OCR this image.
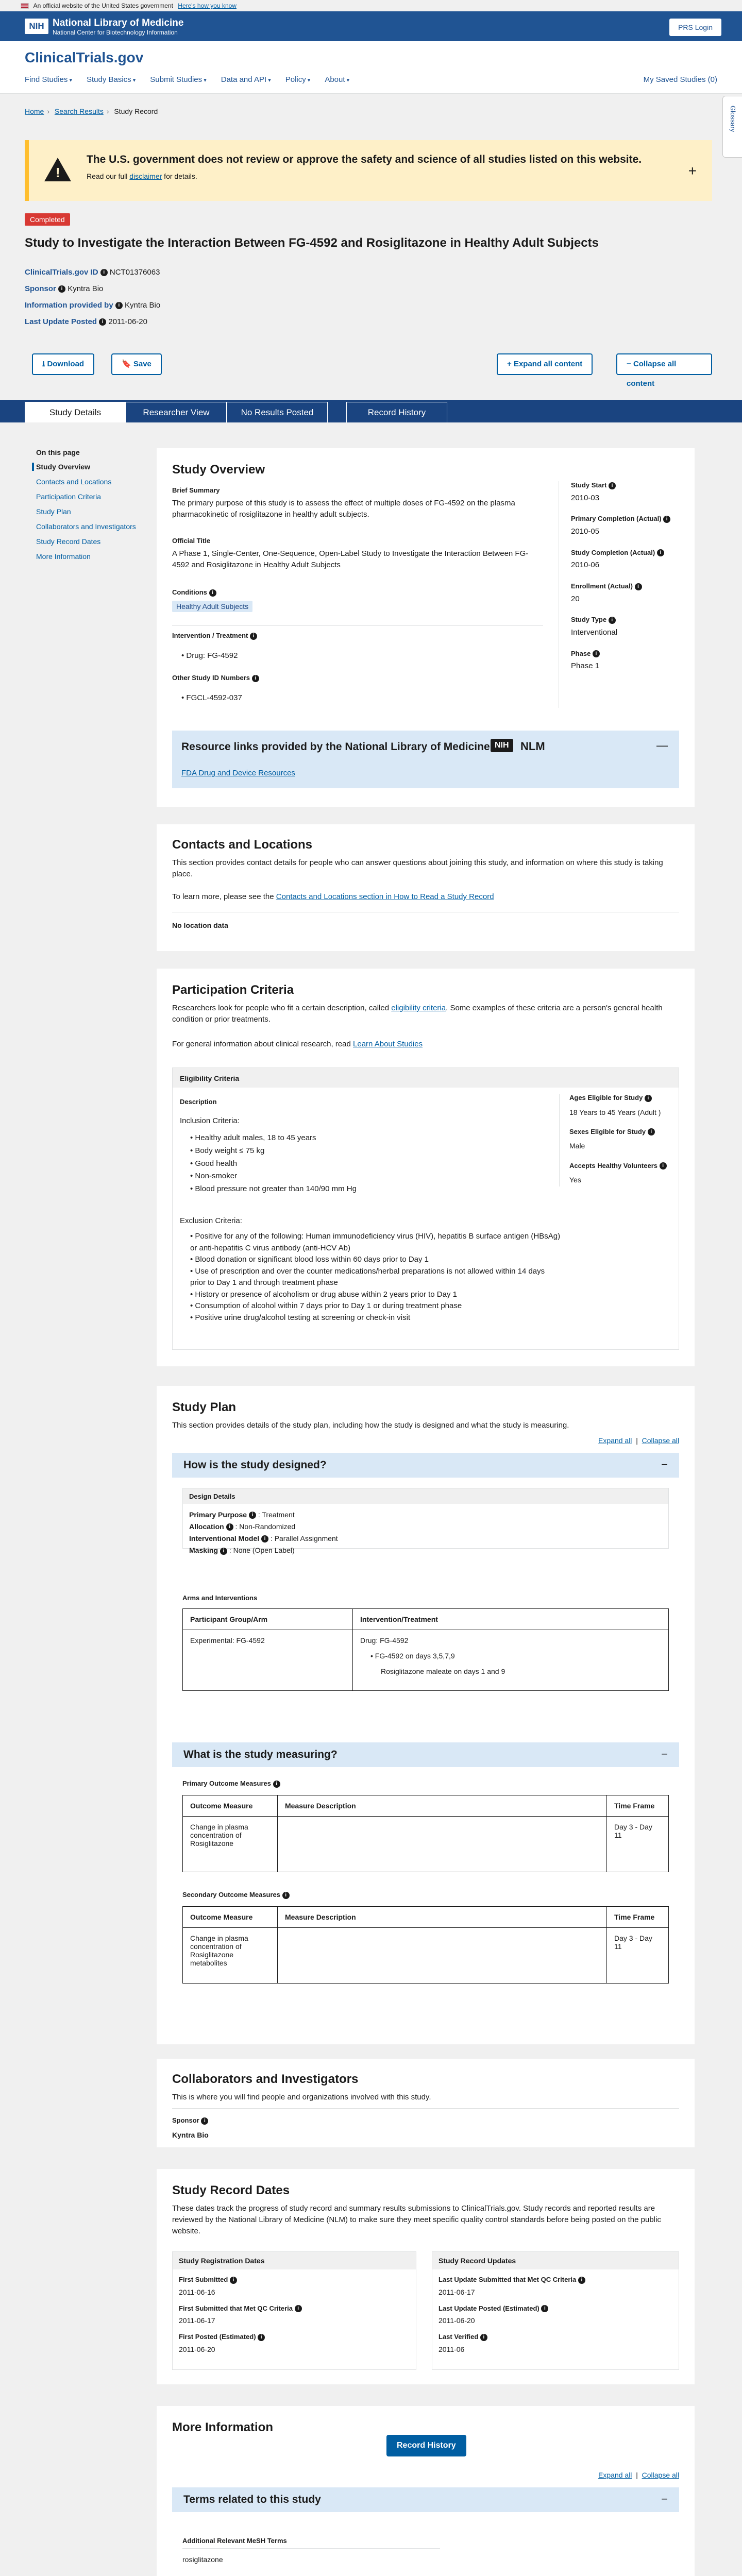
An official website of the United States government Here's how you know
NIH National Library of Medicine
National Center for Biotechnology Information
PRS Login
ClinicalTrials.gov
Find Studies ▾	Study Basics ▾	Submit Studies ▾	Data and API ▾	Policy ▾	About ▾	My Saved Studies (0)
Glossary
Home › Search Results › Study Record
!
The U.S. government does not review or approve the safety and science of all studies listed on this website.
Read our full disclaimer for details.	+
Completed
Study to Investigate the Interaction Between FG-4592 and Rosiglitazone in Healthy Adult Subjects
ClinicalTrials.gov ID i NCT01376063
Sponsor i Kyntra Bio
Information provided by i Kyntra Bio
Last Update Posted i 2011-06-20
⭳ Download	🔖 Save	+ Expand all content	− Collapse all content
Study Details	Researcher View	No Results Posted	Record History
On this page
Study Overview
Contacts and Locations
Participation Criteria
Study Plan
Collaborators and Investigators
Study Record Dates
More Information
Study Overview
Brief Summary
The primary purpose of this study is to assess the effect of multiple doses of FG-4592 on the plasma pharmacokinetic of rosiglitazone in healthy adult subjects.
Official Title
A Phase 1, Single-Center, One-Sequence, Open-Label Study to Investigate the Interaction Between FG-4592 and Rosiglitazone in Healthy Adult Subjects
Conditions i
Healthy Adult Subjects
Intervention / Treatment i
• Drug: FG-4592
Other Study ID Numbers i
• FGCL-4592-037
Study Start i
2010-03
Primary Completion (Actual) i
2010-05
Study Completion (Actual) i
2010-06
Enrollment (Actual) i
20
Study Type i
Interventional
Phase i
Phase 1
Resource links provided by the National Library of Medicine NIH	NLM	—
FDA Drug and Device Resources
Contacts and Locations
This section provides contact details for people who can answer questions about joining this study, and information on where this study is taking place.
To learn more, please see the Contacts and Locations section in How to Read a Study Record
No location data
Participation Criteria
Researchers look for people who fit a certain description, called eligibility criteria. Some examples of these criteria are a person's general health condition or prior treatments.
For general information about clinical research, read Learn About Studies
Eligibility Criteria
Description
Inclusion Criteria:
• Healthy adult males, 18 to 45 years
• Body weight ≤ 75 kg
• Good health
• Non-smoker
• Blood pressure not greater than 140/90 mm Hg
Exclusion Criteria:
• Positive for any of the following: Human immunodeficiency virus (HIV), hepatitis B surface antigen (HBsAg) or anti-hepatitis C virus antibody (anti-HCV Ab)
• Blood donation or significant blood loss within 60 days prior to Day 1
• Use of prescription and over the counter medications/herbal preparations is not allowed within 14 days prior to Day 1 and through treatment phase
• History or presence of alcoholism or drug abuse within 2 years prior to Day 1
• Consumption of alcohol within 7 days prior to Day 1 or during treatment phase
• Positive urine drug/alcohol testing at screening or check-in visit
Ages Eligible for Study i
18 Years to 45 Years (Adult )
Sexes Eligible for Study i
Male
Accepts Healthy Volunteers i
Yes
Study Plan
This section provides details of the study plan, including how the study is designed and what the study is measuring.
Expand all  |  Collapse all
How is the study designed?	−
Design Details
Primary Purpose i : Treatment
Allocation i : Non-Randomized
Interventional Model i : Parallel Assignment
Masking i : None (Open Label)
Arms and Interventions
Participant Group/Arm	Intervention/Treatment
Experimental: FG-4592	Drug: FG-4592
• FG-4592 on days 3,5,7,9
Rosiglitazone maleate on days 1 and 9
What is the study measuring?	−
Primary Outcome Measures i
Outcome Measure	Measure Description	Time Frame
Change in plasma concentration of Rosiglitazone		Day 3 - Day 11
Secondary Outcome Measures i
Outcome Measure	Measure Description	Time Frame
Change in plasma concentration of Rosiglitazone metabolites		Day 3 - Day 11
Collaborators and Investigators
This is where you will find people and organizations involved with this study.
Sponsor i
Kyntra Bio
Study Record Dates
These dates track the progress of study record and summary results submissions to ClinicalTrials.gov. Study records and reported results are reviewed by the National Library of Medicine (NLM) to make sure they meet specific quality control standards before being posted on the public website.
Study Registration Dates
First Submitted i
2011-06-16
First Submitted that Met QC Criteria i
2011-06-17
First Posted (Estimated) i
2011-06-20
Study Record Updates
Last Update Submitted that Met QC Criteria i
2011-06-17
Last Update Posted (Estimated) i
2011-06-20
Last Verified i
2011-06
More Information
Record History
Expand all  |  Collapse all
Terms related to this study	−
Additional Relevant MeSH Terms
rosiglitazone
